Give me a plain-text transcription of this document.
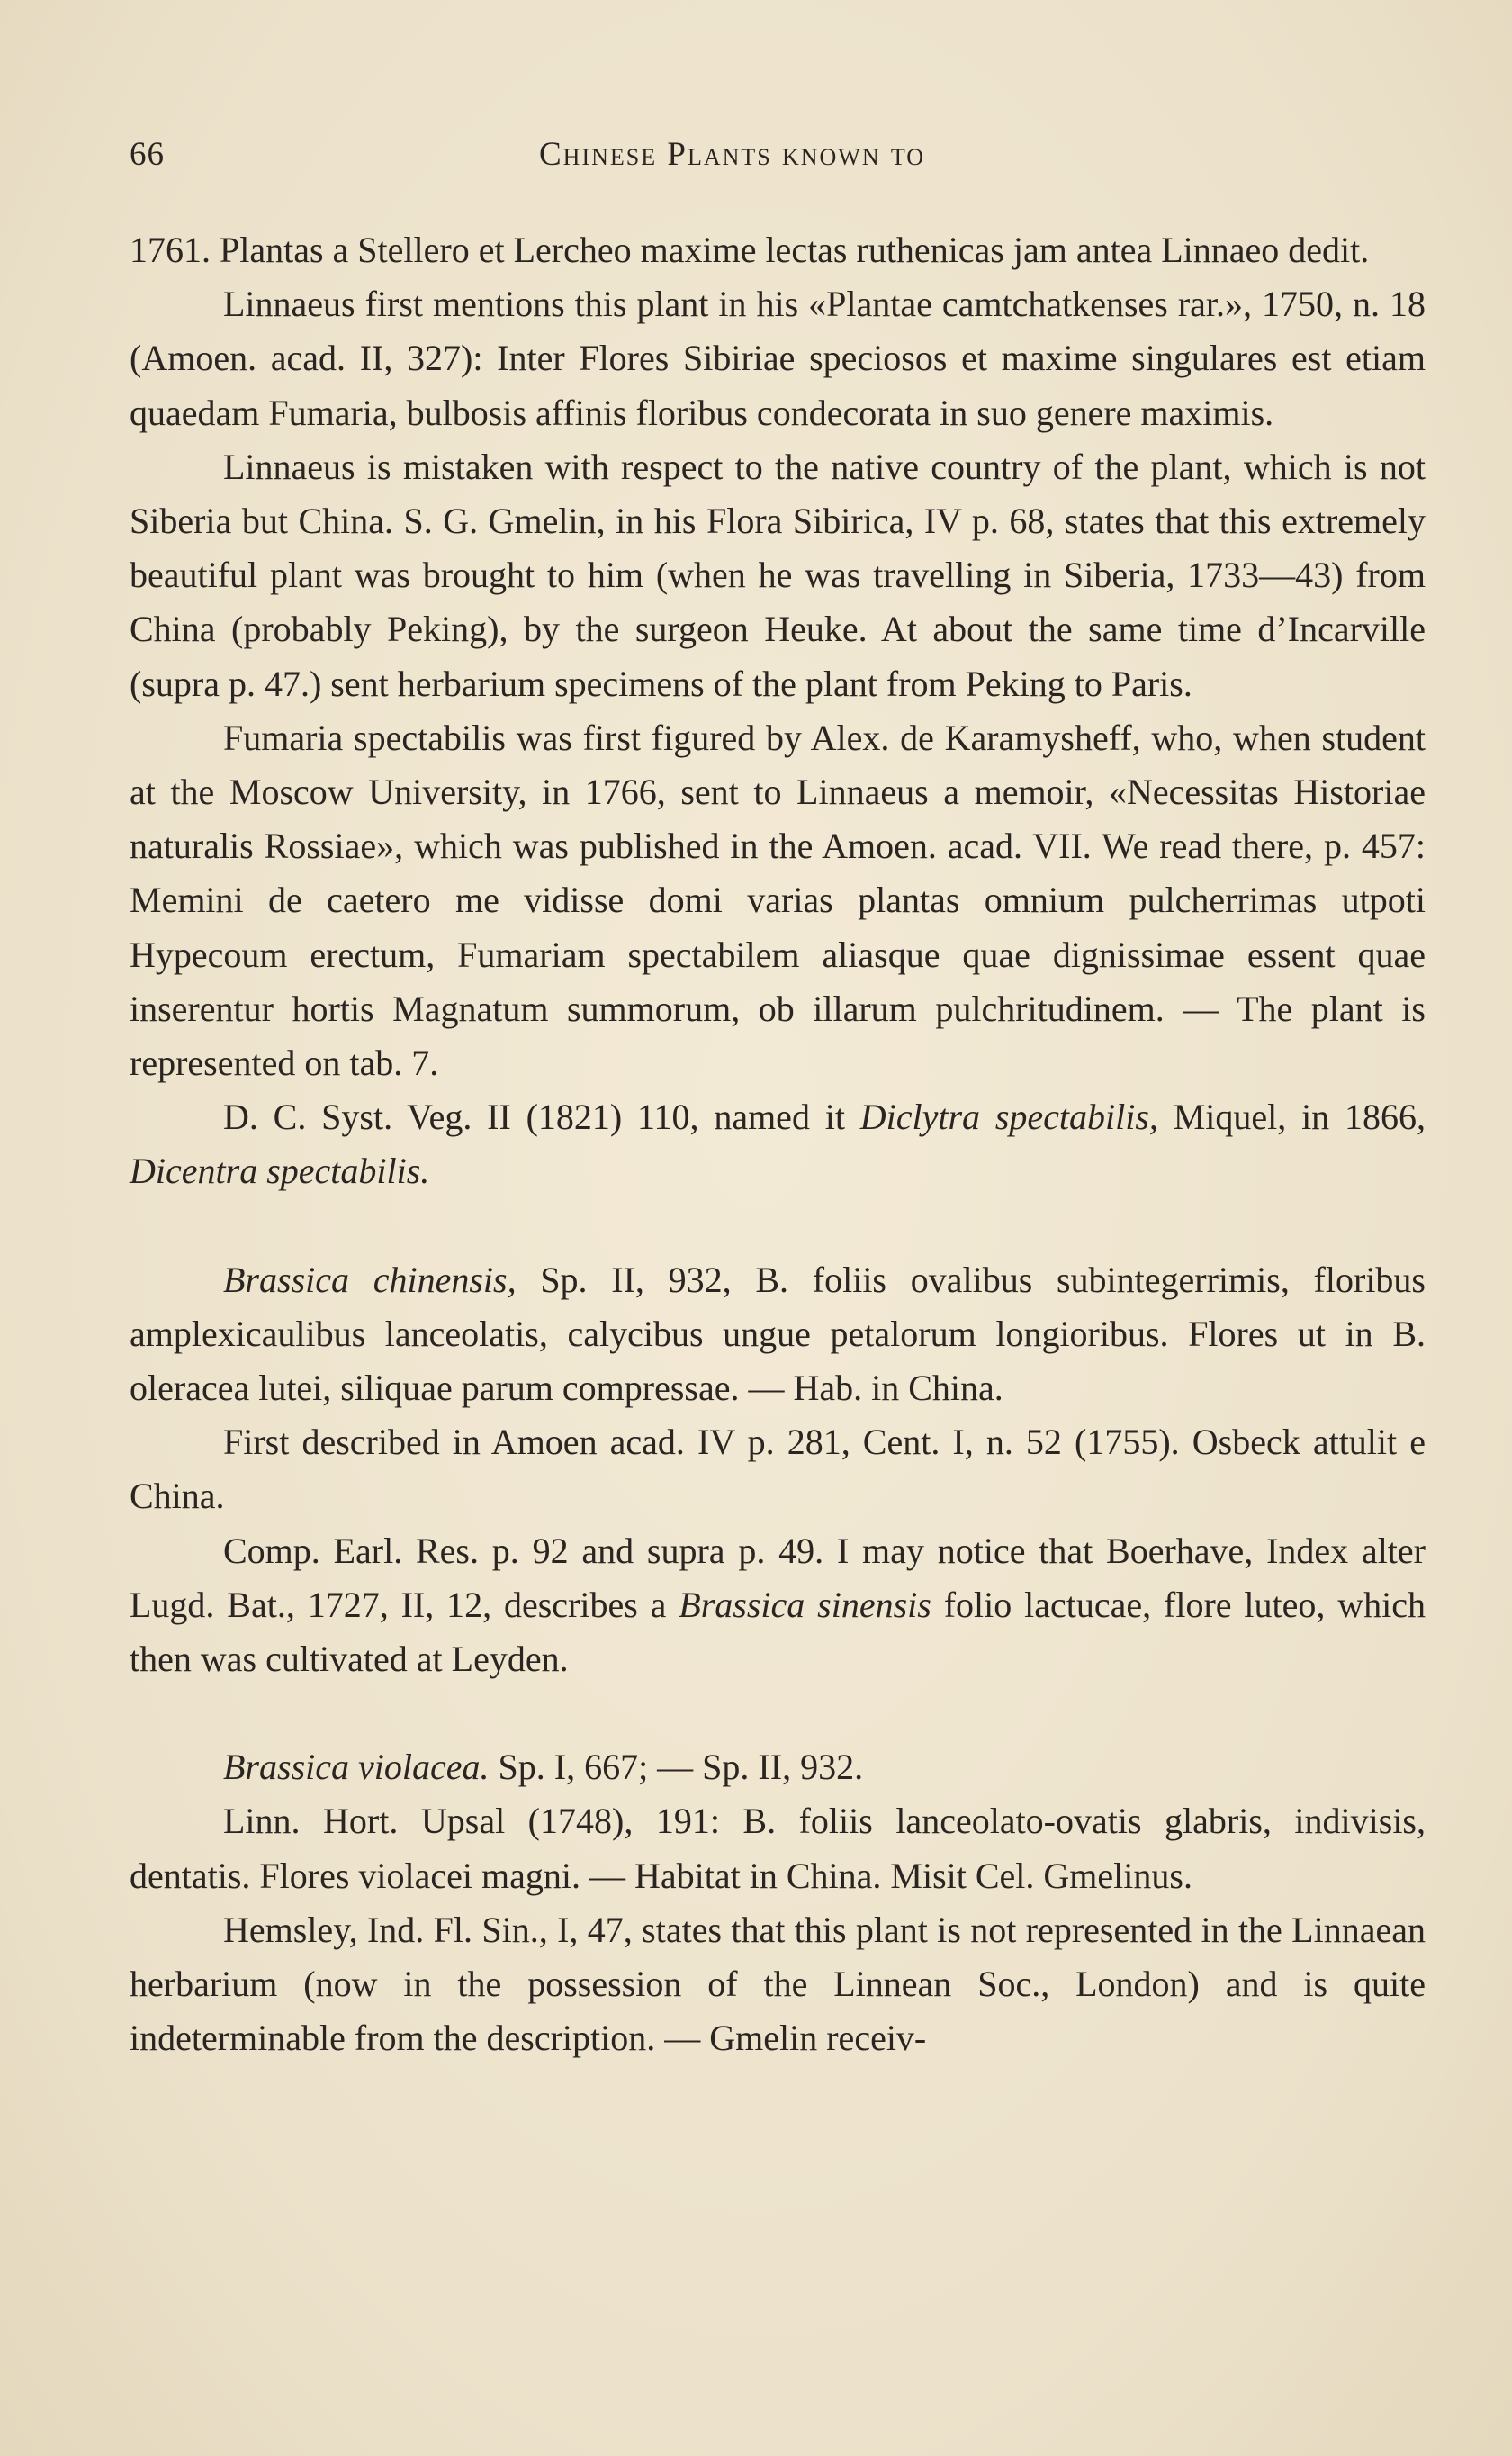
66	Chinese Plants known to

1761. Plantas a Stellero et Lercheo maxime lectas ruthenicas jam antea Linnaeo dedit.

Linnaeus first mentions this plant in his «Plantae camtchatkenses rar.», 1750, n. 18 (Amoen. acad. II, 327): Inter Flores Sibiriae speciosos et maxime singulares est etiam quaedam Fumaria, bulbosis affinis floribus condecorata in suo genere maximis.

Linnaeus is mistaken with respect to the native country of the plant, which is not Siberia but China. S. G. Gmelin, in his Flora Sibirica, IV p. 68, states that this extremely beautiful plant was brought to him (when he was travelling in Siberia, 1733—43) from China (probably Peking), by the surgeon Heuke. At about the same time d’Incarville (supra p. 47.) sent herbarium specimens of the plant from Peking to Paris.

Fumaria spectabilis was first figured by Alex. de Karamysheff, who, when student at the Moscow University, in 1766, sent to Linnaeus a memoir, «Necessitas Historiae naturalis Rossiae», which was published in the Amoen. acad. VII. We read there, p. 457: Memini de caetero me vidisse domi varias plantas omnium pulcherrimas utpoti Hypecoum erectum, Fumariam spectabilem aliasque quae dignissimae essent quae inserentur hortis Magnatum summorum, ob illarum pulchritudinem. — The plant is represented on tab. 7.

D. C. Syst. Veg. II (1821) 110, named it Diclytra spectabilis, Miquel, in 1866, Dicentra spectabilis.

Brassica chinensis, Sp. II, 932, B. foliis ovalibus subintegerrimis, floribus amplexicaulibus lanceolatis, calycibus ungue petalorum longioribus. Flores ut in B. oleracea lutei, siliquae parum compressae. — Hab. in China.

First described in Amoen acad. IV p. 281, Cent. I, n. 52 (1755). Osbeck attulit e China.

Comp. Earl. Res. p. 92 and supra p. 49. I may notice that Boerhave, Index alter Lugd. Bat., 1727, II, 12, describes a Brassica sinensis folio lactucae, flore luteo, which then was cultivated at Leyden.

Brassica violacea. Sp. I, 667; — Sp. II, 932.

Linn. Hort. Upsal (1748), 191: B. foliis lanceolato-ovatis glabris, indivisis, dentatis. Flores violacei magni. — Habitat in China. Misit Cel. Gmelinus.

Hemsley, Ind. Fl. Sin., I, 47, states that this plant is not represented in the Linnaean herbarium (now in the possession of the Linnean Soc., London) and is quite indeterminable from the description. — Gmelin receiv-
